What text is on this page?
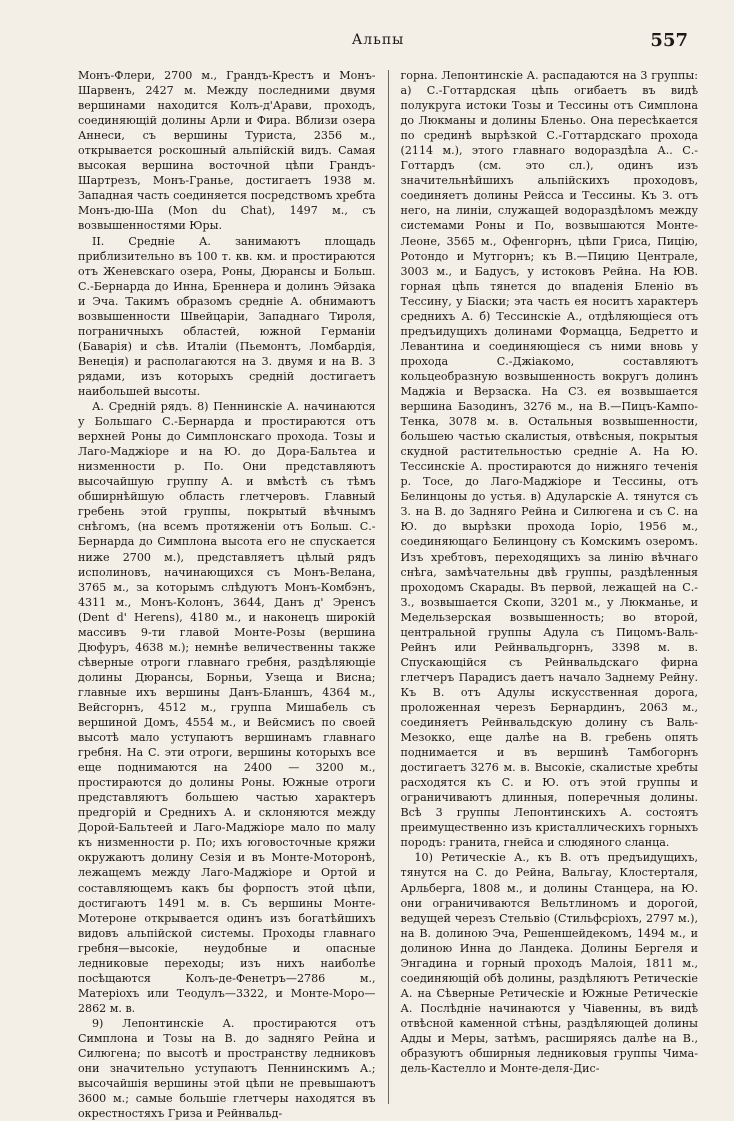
Альпы	557

Монъ-Флери, 2700 м., Грандъ-Крестъ и Монъ-Шарвенъ, 2427 м. Между последними двумя вершинами находится Колъ-д'Арави, проходъ, соединяющій долины Арли и Фира. Вблизи озера Аннеси, съ вершины Туриста, 2356 м., открывается роскошный альпійскій видъ. Самая высокая вершина восточной цѣпи Грандъ-Шартрезъ, Монъ-Гранье, достигаетъ 1938 м. Западная часть соединяется посредствомъ хребта Монъ-дю-Ша (Mon du Chat), 1497 м., съ возвышенностями Юры.

II. Средніе А. занимаютъ площадь приблизительно въ 100 т. кв. км. и простираются отъ Женевскаго озера, Роны, Дюрансы и Больш. С.-Бернарда до Инна, Бреннера и долинъ Эйзака и Эча. Такимъ образомъ средніе А. обнимаютъ возвышенности Швейцаріи, Западнаго Тироля, пограничныхъ областей, южной Германіи (Баварія) и сѣв. Италіи (Пьемонтъ, Ломбардія, Венеція) и располагаются на 3. двумя и на В. 3 рядами, изъ которыхъ средній достигаетъ наибольшей высоты.

А. Средній рядъ. 8) Пеннинскіе А. начинаются у Большаго С.-Бернарда и простираются отъ верхней Роны до Симплонскаго прохода. Тозы и Лаго-Маджіоре и на Ю. до Дора-Бальтеа и низменности р. По. Они представляютъ высочайшую группу А. и вмѣстѣ съ тѣмъ обширнѣйшую область глетчеровъ. Главный гребень этой группы, покрытый вѣчнымъ снѣгомъ, (на всемъ протяженіи отъ Больш. С.-Бернарда до Симплона высота его не спускается ниже 2700 м.), представляетъ цѣлый рядъ исполиновъ, начинающихся съ Монъ-Велана, 3765 м., за которымъ слѣдуютъ Монъ-Комбэнъ, 4311 м., Монъ-Колонъ, 3644, Данъ д' Эренсъ (Dent d' Herens), 4180 м., и наконецъ широкій массивъ 9-ти главой Монте-Розы (вершина Дюфуръ, 4638 м.); немнѣе величественны также сѣверные отроги главнаго гребня, раздѣляющіе долины Дюрансы, Борньи, Узеща и Висна; главные ихъ вершины Данъ-Бланшъ, 4364 м., Вейсгорнъ, 4512 м., группа Мишабель съ вершиной Домъ, 4554 м., и Вейсмисъ по своей высотѣ мало уступаютъ вершинамъ главнаго гребня. На С. эти отроги, вершины которыхъ все еще поднимаются на 2400 — 3200 м., простираются до долины Роны. Южные отроги представляютъ большею частью характеръ предгорій и Среднихъ А. и склоняются между Дорой-Бальтеей и Лаго-Маджіоре мало по малу къ низменности р. По; ихъ юговосточные кряжи окружаютъ долину Сезія и въ Монте-Моторонѣ, лежащемъ между Лаго-Маджіоре и Ортой и составляющемъ какъ бы форпостъ этой цѣпи, достигаютъ 1491 м. в. Съ вершины Монте-Мотероне открывается одинъ изъ богатѣйшихъ видовъ альпійской системы. Проходы главнаго гребня—высокіе, неудобные и опасные ледниковые переходы; изъ нихъ наиболѣе посѣщаются Колъ-де-Фенетръ—2786 м., Матеріохъ или Теодулъ—3322, и Монте-Моро—2862 м. в.

9) Лепонтинскіе А. простираются отъ Симплона и Тозы на В. до задняго Рейна и Силюгена; по высотѣ и пространству ледниковъ они значительно уступаютъ Пеннинскимъ А.; высочайшія вершины этой цѣпи не превышаютъ 3600 м.; самые большіе глетчеры находятся въ окрестностяхъ Гриза и Рейнвальд-

горна. Лепонтинскіе А. распадаются на 3 группы: а) С.-Готтардская цѣпь огибаетъ въ видѣ полукруга истоки Тозы и Тессины отъ Симплона до Люкманы и долины Бленьо. Она пересѣкается по срединѣ вырѣзкой С.-Готтардскаго прохода (2114 м.), этого главнаго водораздѣла А.. С.-Готтардъ (см. это сл.), одинъ изъ значительнѣйшихъ альпійскихъ проходовъ, соединяетъ долины Рейсса и Тессины. Къ З. отъ него, на линіи, служащей водораздѣломъ между системами Роны и По, возвышаются Монте-Леоне, 3565 м., Офенгорнъ, цѣпи Гриса, Пицію, Ротондо и Мутгорнъ; къ В.—Пицию Централе, 3003 м., и Бадусъ, у истоковъ Рейна. На ЮВ. горная цѣпь тянется до впаденія Бленіо въ Тессину, у Біаски; эта часть ея носитъ характеръ среднихъ А. б) Тессинскіе А., отдѣляющіеся отъ предъидущихъ долинами Формацца, Бедретто и Левантина и соединяющіеся съ ними вновь у прохода С.-Джіакомо, составляютъ кольцеобразную возвышенность вокругъ долинъ Маджіа и Верзаска. На СЗ. ея возвышается вершина Базодинъ, 3276 м., на В.—Пицъ-Кампо-Тенка, 3078 м. в. Остальныя возвышенности, большею частью скалистыя, отвѣсныя, покрытыя скудной растительностью средніе А. На Ю. Тессинскіе А. простираются до нижняго теченія р. Тосе, до Лаго-Маджіоре и Тессины, отъ Белинцоны до устья. в) Адуларскіе А. тянутся съ З. на В. до Задняго Рейна и Силюгена и съ С. на Ю. до вырѣзки прохода Іоріо, 1956 м., соединяющаго Белинцону съ Комскимъ озеромъ. Изъ хребтовъ, переходящихъ за линію вѣчнаго снѣга, замѣчательны двѣ группы, раздѣленныя проходомъ Скарады. Въ первой, лежащей на С.-З., возвышается Скопи, 3201 м., у Люкманье, и Медельзерская возвышенность; во второй, центральной группы Адула съ Пицомъ-Валь-Рейнъ или Рейнвальдгорнъ, 3398 м. в. Спускающійся съ Рейнвальдскаго фирна глетчеръ Парадисъ даетъ начало Заднему Рейну. Къ В. отъ Адулы искусственная дорога, проложенная черезъ Бернардинъ, 2063 м., соединяетъ Рейнвальдскую долину съ Валь-Мезокко, еще далѣе на В. гребень опять поднимается и въ вершинѣ Тамбогорнъ достигаетъ 3276 м. в. Высокіе, скалистые хребты расходятся къ С. и Ю. отъ этой группы и ограничиваютъ длинныя, поперечныя долины. Всѣ 3 группы Лепонтинскихъ А. состоятъ преимущественно изъ кристаллическихъ горныхъ породъ: гранита, гнейса и слюдяного сланца.

10) Ретическіе А., къ В. отъ предъидущихъ, тянутся на С. до Рейна, Вальгау, Клостерталя, Арльберга, 1808 м., и долины Станцера, на Ю. они ограничиваются Вельтлиномъ и дорогой, ведущей черезъ Стельвіо (Стильфсріохъ, 2797 м.), на В. долиною Эча, Решеншейдекомъ, 1494 м., и долиною Инна до Ландека. Долины Бергеля и Энгадина и горный проходъ Малоія, 1811 м., соединяющій обѣ долины, раздѣляютъ Ретическіе А. на Сѣверные Ретическіе и Южные Ретическіе А. Послѣдніе начинаются у Чіавенны, въ видѣ отвѣсной каменной стѣны, раздѣляющей долины Адды и Меры, затѣмъ, расширяясь далѣе на В., образуютъ обширныя ледниковыя группы Чима-дель-Кастелло и Монте-деля-Дис-
